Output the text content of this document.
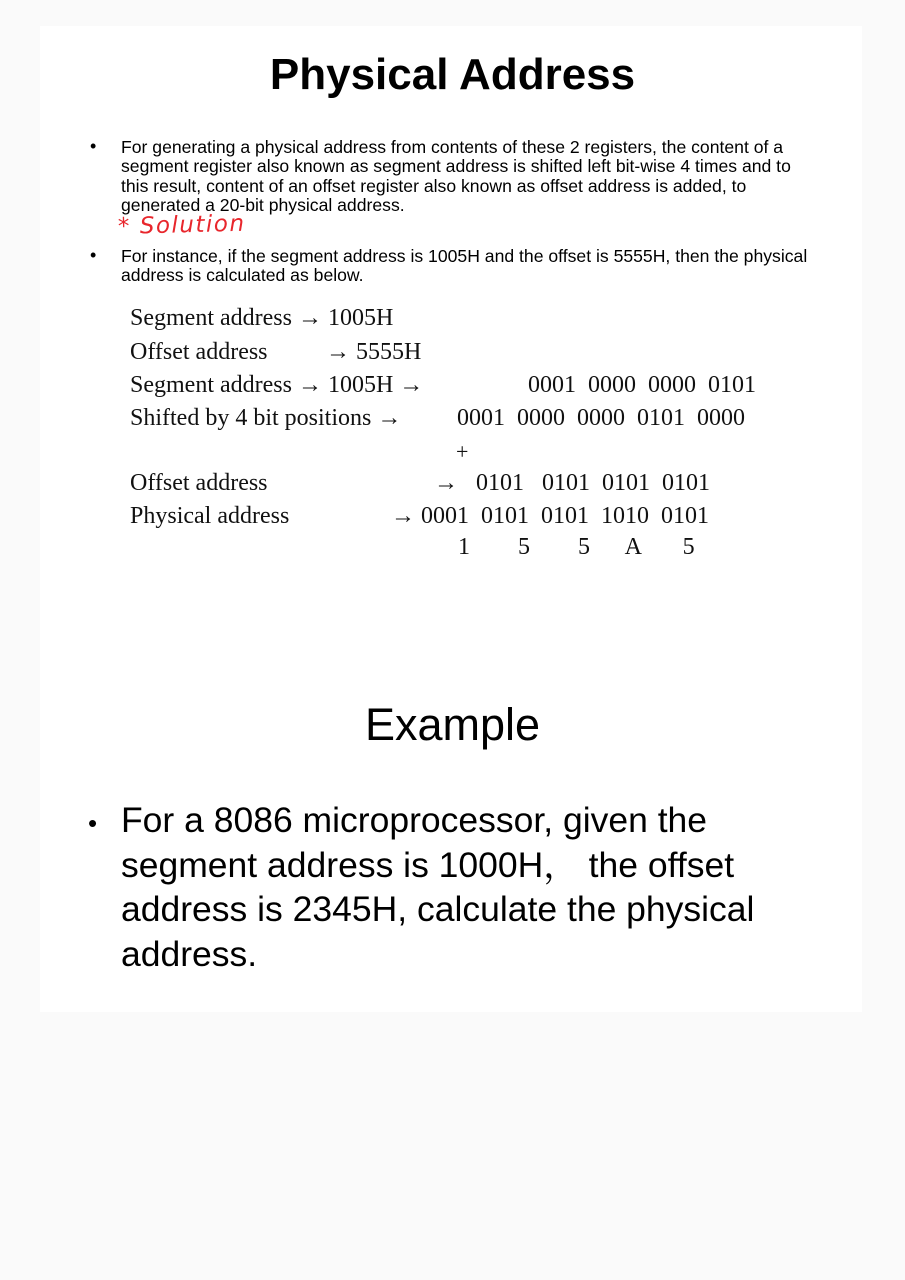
Physical Address
• For generating a physical address from contents of these 2 registers, the content of a segment register also known as segment address is shifted left bit-wise 4 times and to this result, content of an offset register also known as offset address is added, to generated a 20-bit physical address.
* Solution
• For instance, if the segment address is 1005H and the offset is 5555H, then the physical address is calculated as below.
Segment address → 1005H
Offset address → 5555H
Segment address → 1005H →	0001  0000  0000  0101
Shifted by 4 bit positions → 0001  0000  0000  0101  0000
+
Offset address	→   0101   0101  0101  0101
Physical address	→ 0001  0101  0101  1010  0101
1        5        5      A       5
Example
• For a 8086 microprocessor, given the segment address is 1000H， the offset address is 2345H, calculate the physical address.
